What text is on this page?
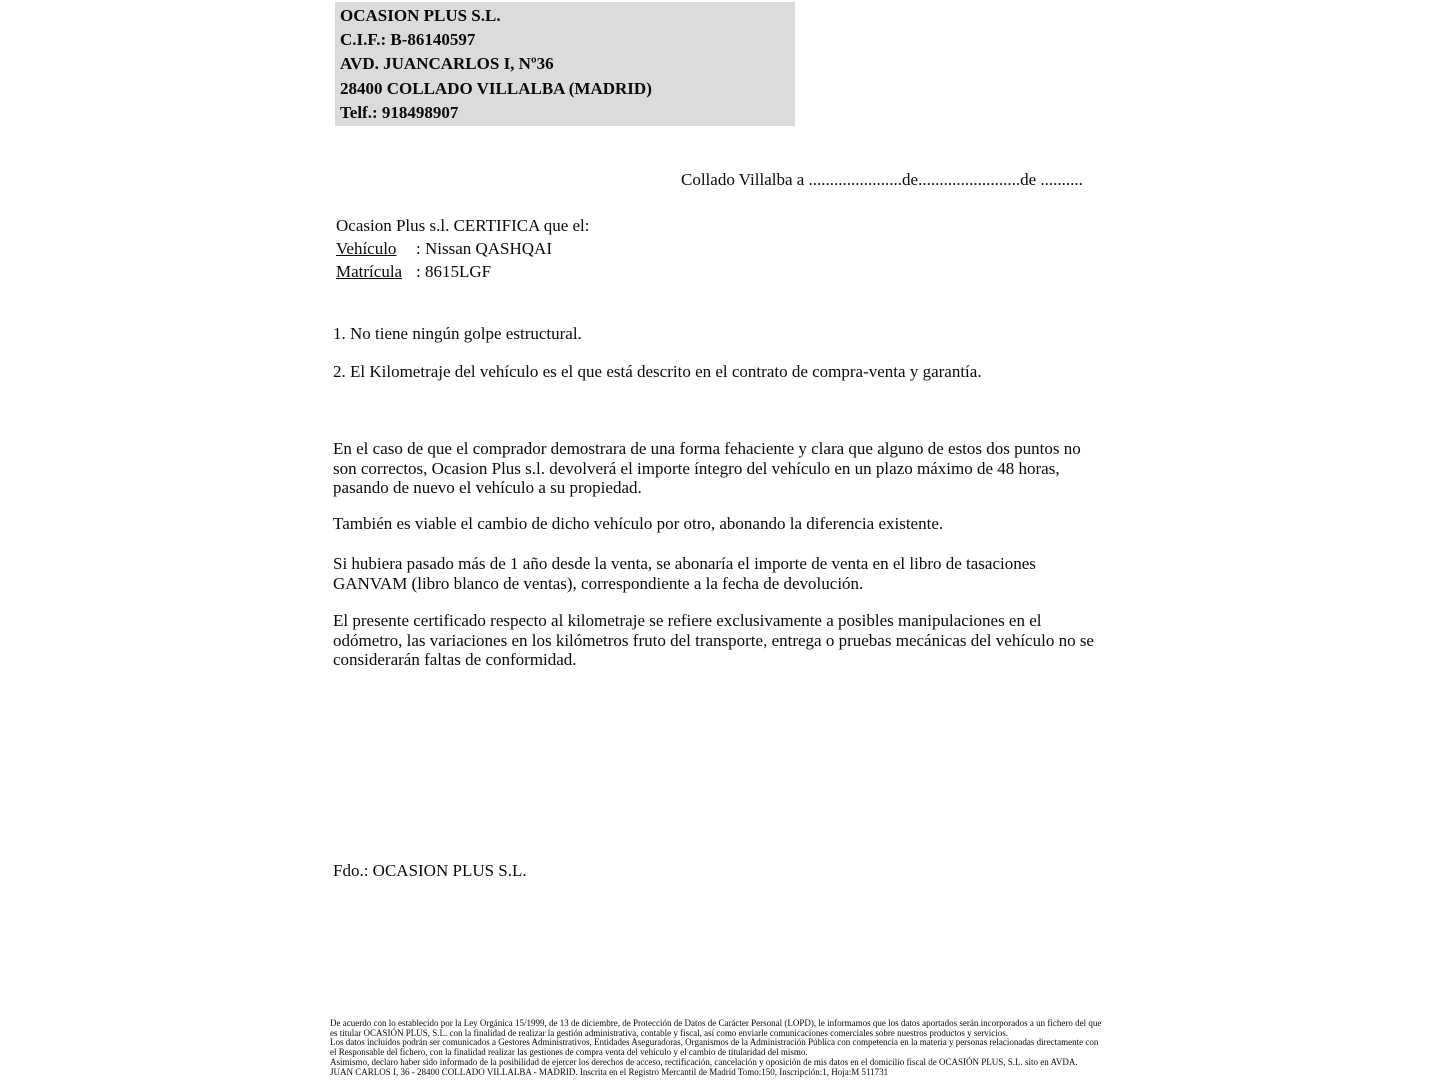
OCASION PLUS S.L.
C.I.F.: B-86140597
AVD. JUANCARLOS I, Nº36
28400 COLLADO VILLALBA (MADRID)
Telf.: 918498907
Collado Villalba a ......................de........................de ..........
Ocasion Plus s.l. CERTIFICA que el:
Vehículo	: Nissan QASHQAI
Matrícula : 8615LGF
1. No tiene ningún golpe estructural.
2. El Kilometraje del vehículo es el que está descrito en el contrato de compra-venta y garantía.
En el caso de que el comprador demostrara de una forma fehaciente y clara que alguno de estos dos puntos no son correctos, Ocasion Plus s.l. devolverá el importe íntegro del vehículo en un plazo máximo de 48 horas, pasando de nuevo el vehículo a su propiedad.
También es viable el cambio de dicho vehículo por otro, abonando la diferencia existente.
Si hubiera pasado más de 1 año desde la venta, se abonaría el importe de venta en el libro de tasaciones GANVAM (libro blanco de ventas), correspondiente a la fecha de devolución.
El presente certificado respecto al kilometraje se refiere exclusivamente a posibles manipulaciones en el odómetro, las variaciones en los kilómetros fruto del transporte, entrega o pruebas mecánicas del vehículo no se considerarán faltas de conformidad.
Fdo.: OCASION PLUS S.L.

De acuerdo con lo establecido por la Ley Orgánica 15/1999, de 13 de diciembre, de Protección de Datos de Carácter Personal (LOPD), le informamos que los datos aportados serán incorporados a un fichero del que es titular OCASIÓN PLUS, S.L. con la finalidad de realizar la gestión administrativa, contable y fiscal, así como enviarle comunicaciones comerciales sobre nuestros productos y servicios.

Los datos incluidos podrán ser comunicados a Gestores Administrativos, Entidades Aseguradoras, Organismos de la Administración Pública con competencia en la materia y personas relacionadas directamente con el Responsable del fichero, con la finalidad realizar las gestiones de compra venta del vehículo y el cambio de titularidad del mismo.

Asimismo, declaro haber sido informado de la posibilidad de ejercer los derechos de acceso, rectificación, cancelación y oposición de mis datos en el domicilio fiscal de OCASIÓN PLUS, S.L. sito en AVDA. JUAN CARLOS I, 36 - 28400 COLLADO VILLALBA - MADRID. Inscrita en el Registro Mercantil de Madrid Tomo:150, Inscripción:1, Hoja:M 511731
